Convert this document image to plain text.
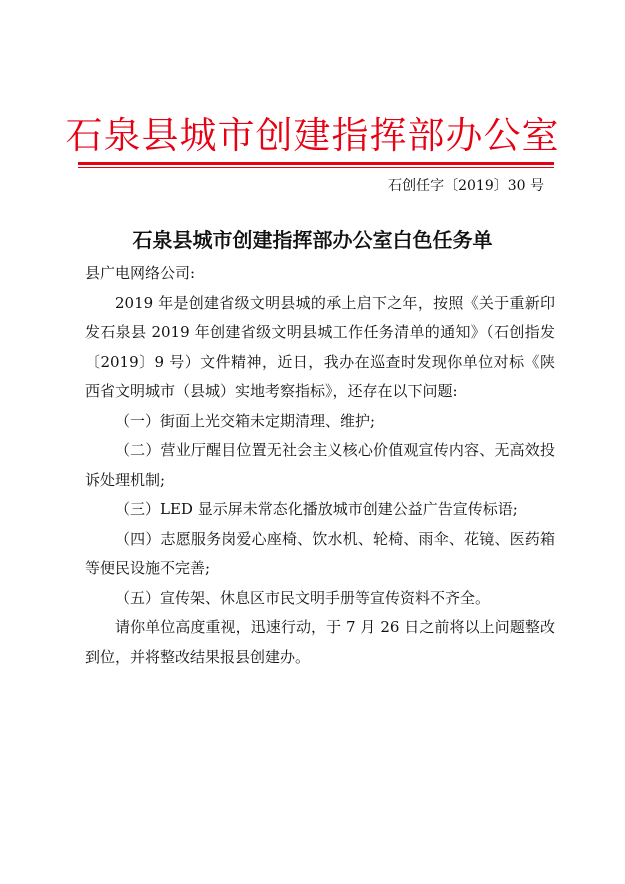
石泉县城市创建指挥部办公室
石创任字〔2019〕30 号
石泉县城市创建指挥部办公室白色任务单

县广电网络公司:

2019 年是创建省级文明县城的承上启下之年，按照《关于重新印发石泉县 2019 年创建省级文明县城工作任务清单的通知》（石创指发〔2019〕9 号）文件精神，近日，我办在巡查时发现你单位对标《陕西省文明城市（县城）实地考察指标》，还存在以下问题:

（一）街面上光交箱未定期清理、维护;

（二）营业厅醒目位置无社会主义核心价值观宣传内容、无高效投诉处理机制;

（三）LED 显示屏未常态化播放城市创建公益广告宣传标语;

（四）志愿服务岗爱心座椅、饮水机、轮椅、雨伞、花镜、医药箱等便民设施不完善;

（五）宣传架、休息区市民文明手册等宣传资料不齐全。

请你单位高度重视，迅速行动，于 7 月 26 日之前将以上问题整改到位，并将整改结果报县创建办。
